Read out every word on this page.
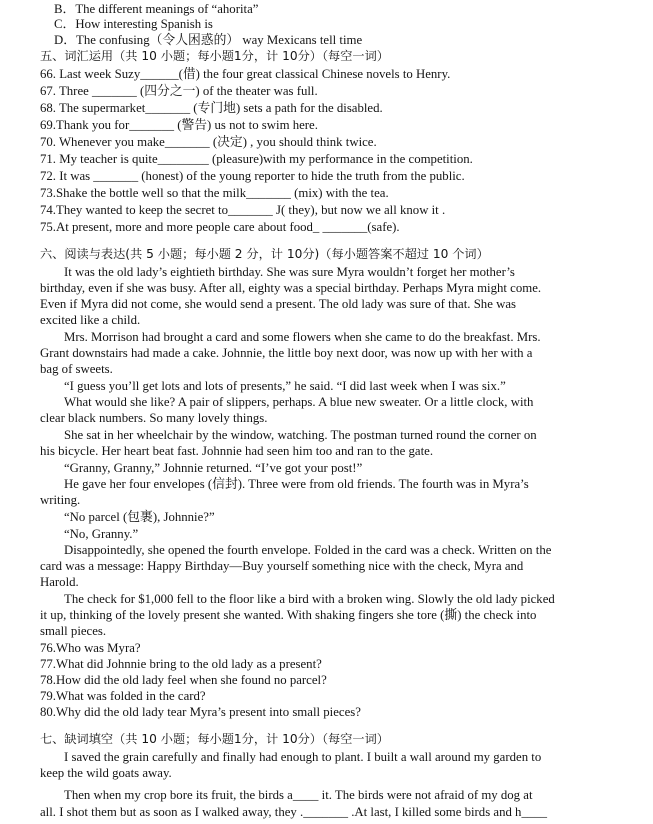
B．The different meanings of “ahorita”
C．How interesting Spanish is
D．The confusing（令人困惑的） way Mexicans tell time
五、词汇运用（共 10 小题；每小题1分，计 10分）（每空一词）
66. Last week Suzy______(借) the four great classical Chinese novels to Henry.
67. Three _______ (四分之一) of the theater was full.
68. The supermarket_______ (专门地) sets a path for the disabled.
69.Thank you for_______ (警告) us not to swim here.
70. Whenever you make_______ (决定) , you should think twice.
71. My teacher is quite________ (pleasure)with my performance in the competition.
72. It was _______ (honest) of the young reporter to hide the truth from the public.
73.Shake the bottle well so that the milk_______ (mix) with the tea.
74.They wanted to keep the secret to_______ J( they), but now we all know it .
75.At present, more and more people care about food_ _______(safe).
六、阅读与表达(共 5 小题；每小题 2 分，计 10分)（每小题答案不超过 10 个词）
It was the old lady’s eightieth birthday. She was sure Myra wouldn’t forget her mother’s
birthday, even if she was busy. After all, eighty was a special birthday. Perhaps Myra might come.
Even if Myra did not come, she would send a present. The old lady was sure of that. She was
excited like a child.
Mrs. Morrison had brought a card and some flowers when she came to do the breakfast. Mrs.
Grant downstairs had made a cake. Johnnie, the little boy next door, was now up with her with a
bag of sweets.
“I guess you’ll get lots and lots of presents,” he said. “I did last week when I was six.”
What would she like? A pair of slippers, perhaps. A blue new sweater. Or a little clock, with
clear black numbers. So many lovely things.
She sat in her wheelchair by the window, watching. The postman turned round the corner on
his bicycle. Her heart beat fast. Johnnie had seen him too and ran to the gate.
“Granny, Granny,” Johnnie returned. “I’ve got your post!”
He gave her four envelopes (信封). Three were from old friends. The fourth was in Myra’s
writing.
“No parcel (包裹), Johnnie?”
“No, Granny.”
Disappointedly, she opened the fourth envelope. Folded in the card was a check. Written on the
card was a message: Happy Birthday—Buy yourself something nice with the check, Myra and
Harold.
The check for $1,000 fell to the floor like a bird with a broken wing. Slowly the old lady picked
it up, thinking of the lovely present she wanted. With shaking fingers she tore (撕) the check into
small pieces.
76.Who was Myra?
77.What did Johnnie bring to the old lady as a present?
78.How did the old lady feel when she found no parcel?
79.What was folded in the card?
80.Why did the old lady tear Myra’s present into small pieces?
七、缺词填空（共 10 小题；每小题1分，计 10分）（每空一词）
I saved the grain carefully and finally had enough to plant. I built a wall around my garden to
keep the wild goats away.
Then when my crop bore its fruit, the birds a____ it. The birds were not afraid of my dog at
all. I shot them but as soon as I walked away, they ._______ .At last, I killed some birds and h____
